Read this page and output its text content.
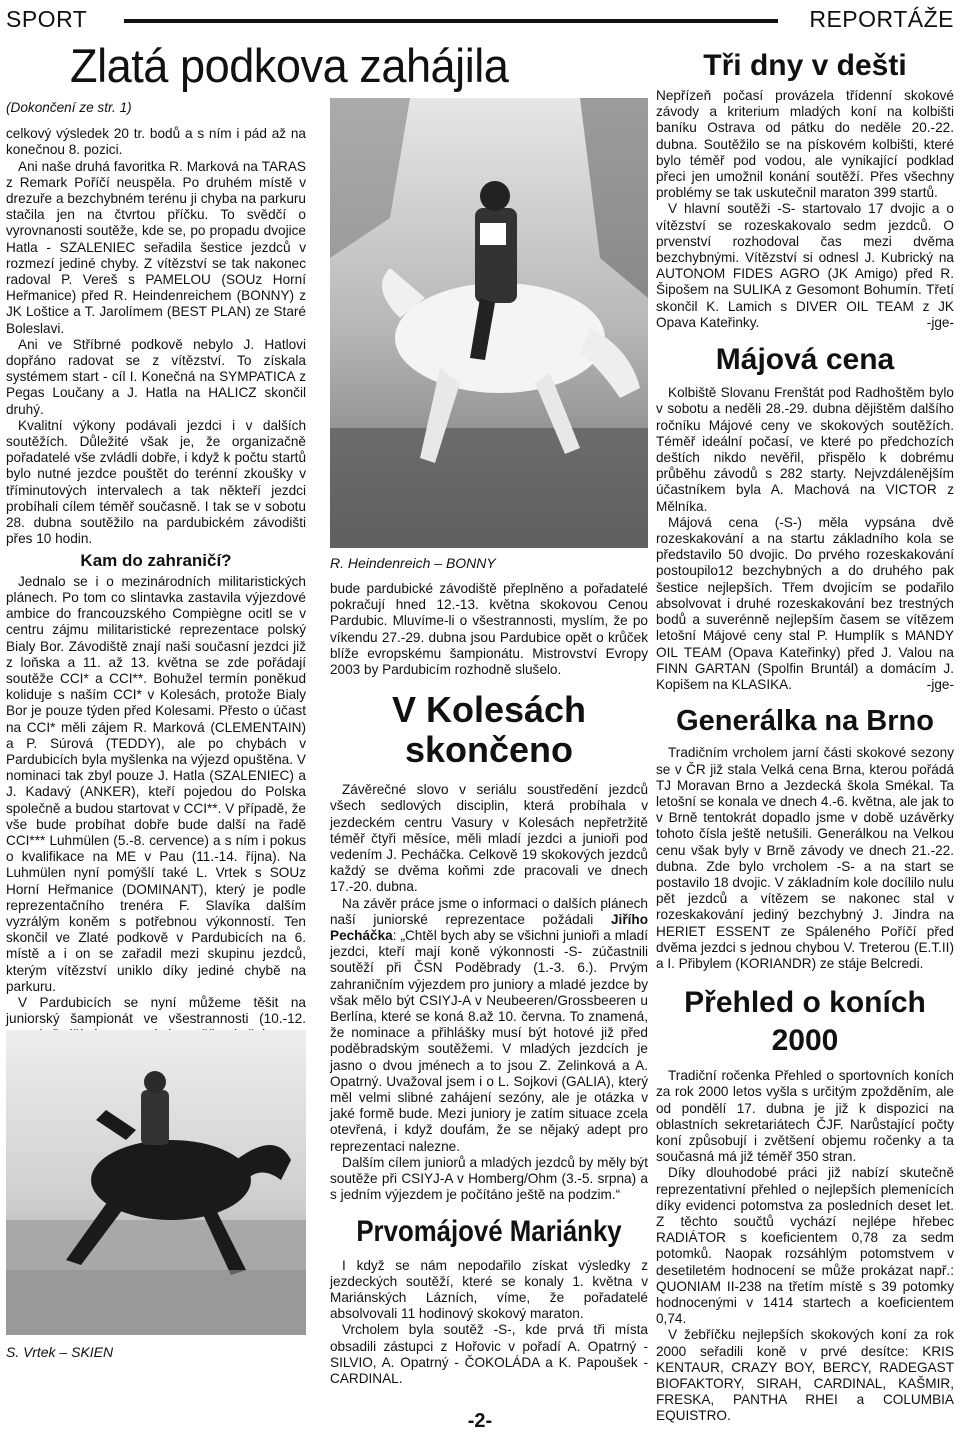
SPORT	REPORTÁŽE
Zlatá podkova zahájila

(Dokončení ze str. 1)

celkový výsledek 20 tr. bodů a s ním i pád až na konečnou 8. pozici.

Ani naše druhá favoritka R. Marková na TARAS z Remark Poříčí neuspěla. Po druhém místě v drezuře a bezchybném terénu ji chyba na parkuru stačila jen na čtvrtou příčku. To svědčí o vyrovnanosti soutěže, kde se, po propadu dvojice Hatla - SZALENIEC seřadila šestice jezdců v rozmezí jediné chyby. Z vítězství se tak nakonec radoval P. Vereš s PAMELOU (SOUz Horní Heřmanice) před R. Heindenreichem (BONNY) z JK Loštice a T. Jarolímem (BEST PLAN) ze Staré Boleslavi.

Ani ve Stříbrné podkově nebylo J. Hatlovi dopřáno radovat se z vítězství. To získala systémem start - cíl I. Konečná na SYMPATICA z Pegas Loučany a J. Hatla na HALICZ skončil druhý.

Kvalitní výkony podávali jezdci i v dalších soutěžích. Důležité však je, že organizačně pořadatelé vše zvládli dobře, i když k počtu startů bylo nutné jezdce pouštět do terénní zkoušky v tříminutových intervalech a tak někteří jezdci probíhali cílem téměř současně. I tak se v sobotu 28. dubna soutěžilo na pardubickém závodišti přes 10 hodin.

Kam do zahraničí?

Jednalo se i o mezinárodních militaristických plánech. Po tom co slintavka zastavila výjezdové ambice do francouzského Compiègne ocitl se v centru zájmu militaristické reprezentace polský Bialy Bor. Závodiště znají naši současní jezdci již z loňska a 11. až 13. května se zde pořádají soutěže CCI* a CCI**. Bohužel termín poněkud koliduje s naším CCI* v Kolesách, protože Bialy Bor je pouze týden před Kolesami. Přesto o účast na CCI* měli zájem R. Marková (CLEMENTAIN) a P. Súrová (TEDDY), ale po chybách v Pardubicích byla myšlenka na výjezd opuštěna. V nominaci tak zbyl pouze J. Hatla (SZALENIEC) a J. Kadavý (ANKER), kteří pojedou do Polska společně a budou startovat v CCI**. V případě, že vše bude probíhat dobře bude další na řadě CCI*** Luhmülen (5.-8. cervence) a s ním i pokus o kvalifikace na ME v Pau (11.-14. října). Na Luhmülen nyní pomýšlí také L. Vrtek s SOUz Horní Heřmanice (DOMINANT), který je podle reprezentačního trenéra F. Slavíka dalším vyzrálým koněm s potřebnou výkonností. Ten skončil ve Zlaté podkově v Pardubicích na 6. místě a i on se zařadil mezi skupinu jezdců, kterým vítězství uniklo díky jediné chybě na parkuru.

V Pardubicích se nyní můžeme těšit na juniorský šampionát ve všestrannosti (10.-12.

S. Vrtek – SKIEN
R. Heindenreich – BONNY

bude pardubické závodiště přeplněno a pořadatelé pokračují hned 12.-13. května skokovou Cenou Pardubic. Mluvíme-li o všestrannosti, myslím, že po víkendu 27.-29. dubna jsou Pardubice opět o krůček blíže evropskému šampionátu. Mistrovství Evropy 2003 by Pardubicím rozhodně slušelo.

V Kolesách skončeno

Závěrečné slovo v seriálu soustředění jezdců všech sedlových disciplin, která probíhala v jezdeckém centru Vasury v Kolesách nepřetržitě téměř čtyři měsíce, měli mladí jezdci a junioři pod vedením J. Pecháčka. Celkově 19 skokových jezdců každý se dvěma koňmi zde pracovali ve dnech 17.-20. dubna.

Na závěr práce jsme o informaci o dalších plánech naší juniorské reprezentace požádali Jiřího Pecháčka: „Chtěl bych aby se všichni junioři a mladí jezdci, kteří mají koně výkonnosti -S- zúčastnili soutěží při ČSN Poděbrady (1.-3. 6.). Prvým zahraničním výjezdem pro juniory a mladé jezdce by však mělo být CSIYJ-A v Neubeeren/Grossbeeren u Berlína, které se koná 8.až 10. června. To znamená, že nominace a přihlášky musí být hotové již před poděbradským soutěžemi. V mladých jezdcích je jasno o dvou jménech a to jsou Z. Zelinková a A. Opatrný. Uvažoval jsem i o L. Sojkovi (GALIA), který měl velmi slibné zahájení sezóny, ale je otázka v jaké formě bude. Mezi juniory je zatím situace zcela otevřená, i když doufám, že se nějaký adept pro reprezentaci nalezne.

Dalším cílem juniorů a mladých jezdců by měly být soutěže při CSIYJ-A v Homberg/Ohm (3.-5. srpna) a s jedním výjezdem je počítáno ještě na podzim.“

Prvomájové Mariánky

I když se nám nepodařilo získat výsledky z jezdeckých soutěží, které se konaly 1. května v Mariánských Lázních, víme, že pořadatelé absolvovali 11 hodinový skokový maraton.

Vrcholem byla soutěž -S-, kde prvá tři místa obsadili zástupci z Hořovic v pořadí A. Opatrný - SILVIO, A. Opatrný - ČOKOLÁDA a K. Papoušek - CARDINAL.

Tři dny v dešti

Nepřízeň počasí provázela třídenní skokové závody a kriterium mladých koní na kolbišti baníku Ostrava od pátku do neděle 20.-22. dubna. Soutěžilo se na pískovém kolbišti, které bylo téměř pod vodou, ale vynikající podklad přeci jen umožnil konání soutěží. Přes všechny problémy se tak uskutečnil maraton 399 startů.

V hlavní soutěži -S- startovalo 17 dvojic a o vítězství se rozeskakovalo sedm jezdců. O prvenství rozhodoval čas mezi dvěma bezchybnými. Vítězství si odnesl J. Kubrický na AUTONOM FIDES AGRO (JK Amigo) před R. Šipošem na SULIKA z Gesomont Bohumín. Třetí skončil K. Lamich s DIVER OIL TEAM z JK Opava Kateřinky.	-jge-

Májová cena

Kolbiště Slovanu Frenštát pod Radhoštěm bylo v sobotu a neděli 28.-29. dubna dějištěm dalšího ročníku Májové ceny ve skokových soutěžích. Téměř ideální počasí, ve které po předchozích deštích nikdo nevěřil, přispělo k dobrému průběhu závodů s 282 starty. Nejvzdálenějším účastníkem byla A. Machová na VICTOR z Mělníka.

Májová cena (-S-) měla vypsána dvě rozeskakování a na startu základního kola se představilo 50 dvojic. Do prvého rozeskakování postoupilo12 bezchybných a do druhého pak šestice nejlepších. Třem dvojicím se podařilo absolvovat i druhé rozeskakování bez trestných bodů a suverénně nejlepším časem se vítězem letošní Májové ceny stal P. Humplík s MANDY OIL TEAM (Opava Kateřinky) před J. Valou na FINN GARTAN (Spolfin Bruntál) a domácím J. Kopišem na KLASIKA.	-jge-

Generálka na Brno

Tradičním vrcholem jarní části skokové sezony se v ČR již stala Velká cena Brna, kterou pořádá TJ Moravan Brno a Jezdecká škola Smékal. Ta letošní se konala ve dnech 4.-6. května, ale jak to v Brně tentokrát dopadlo jsme v době uzávěrky tohoto čísla ještě netušili. Generálkou na Velkou cenu však byly v Brně závody ve dnech 21.-22. dubna. Zde bylo vrcholem -S- a na start se postavilo 18 dvojic. V základním kole docílilo nulu pět jezdců a vítězem se nakonec stal v rozeskakování jediný bezchybný J. Jindra na HERIET ESSENT ze Spáleného Poříčí před dvěma jezdci s jednou chybou V. Treterou (E.T.II) a I. Přibylem (KORIANDR) ze stáje Belcredi.

Přehled o koních 2000

Tradiční ročenka Přehled o sportovních koních za rok 2000 letos vyšla s určitým zpožděním, ale od pondělí 17. dubna je již k dispozici na oblastních sekretariátech ČJF. Narůstající počty koní způsobují i zvětšení objemu ročenky a ta současná má již téměř 350 stran.

Díky dlouhodobé práci již nabízí skutečně reprezentativní přehled o nejlepších plemenících díky evidenci potomstva za posledních deset let. Z těchto součtů vychází nejlépe hřebec RADIÁTOR s koeficientem 0,78 za sedm potomků. Naopak rozsáhlým potomstvem v desetiletém hodnocení se může prokázat např.: QUONIAM II-238 na třetím místě s 39 potomky hodnocenými v 1414 startech a koeficientem 0,74.

V žebříčku nejlepších skokových koní za rok 2000 seřadili koně v prvé desítce: KRIS KENTAUR, CRAZY BOY, BERCY, RADEGAST BIOFAKTORY, SIRAH, CARDINAL, KAŠMIR, FRESKA, PANTHA RHEI a COLUMBIA EQUISTRO.

-2-
